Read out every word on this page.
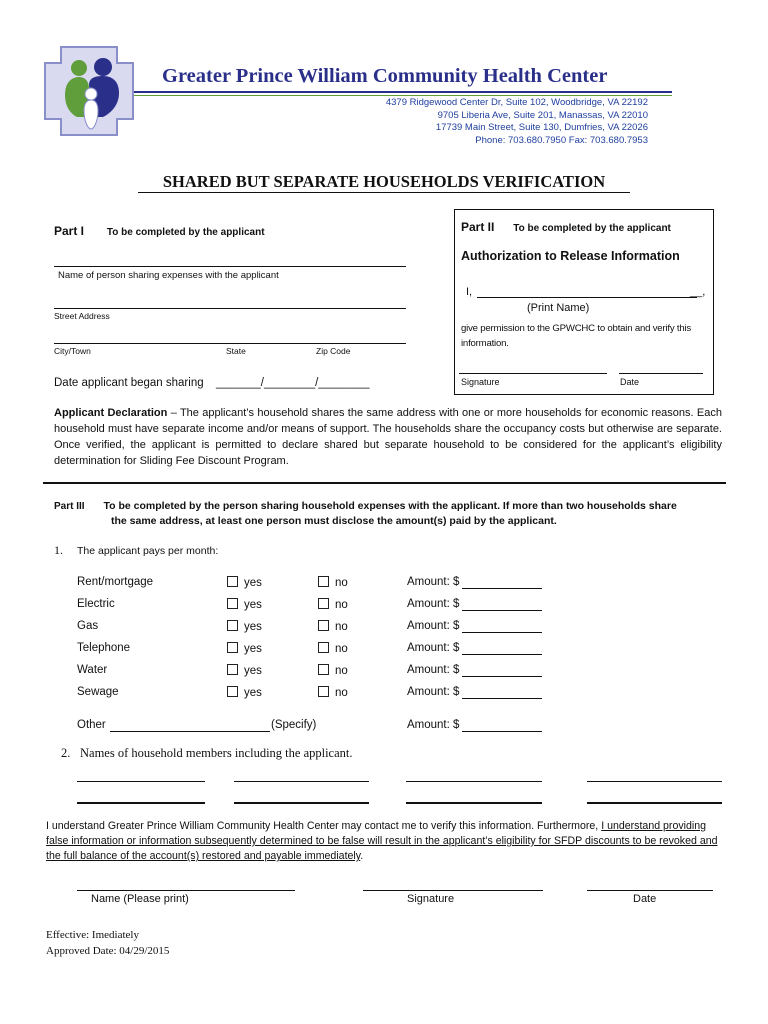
Greater Prince William Community Health Center
4379 Ridgewood Center Dr, Suite 102, Woodbridge, VA 22192
9705 Liberia Ave, Suite 201, Manassas, VA 22010
17739 Main Street, Suite 130, Dumfries, VA 22026
Phone: 703.680.7950 Fax: 703.680.7953
SHARED BUT SEPARATE HOUSEHOLDS VERIFICATION
Part I To be completed by the applicant
Name of person sharing expenses with the applicant
Street Address
City/Town	State	Zip Code
Date applicant began sharing _______/________/________
Applicant Declaration – The applicant’s household shares the same address with one or more households for economic reasons. Each household must have separate income and/or means of support. The households share the occupancy costs but otherwise are separate. Once verified, the applicant is permitted to declare shared but separate household to be considered for the applicant’s eligibility determination for Sliding Fee Discount Program.
Part II To be completed by the applicant
Authorization to Release Information
I,	__,
(Print Name)
give permission to the GPWCHC to obtain and verify this information.
Signature	Date
Part III To be completed by the person sharing household expenses with the applicant. If more than two households share
the same address, at least one person must disclose the amount(s) paid by the applicant.
1. The applicant pays per month:
Rent/mortgage	yes	no	Amount: $
Electric	yes	no	Amount: $
Gas	yes	no	Amount: $
Telephone	yes	no	Amount: $
Water	yes	no	Amount: $
Sewage	yes	no	Amount: $
Other	(Specify)	Amount: $
2. Names of household members including the applicant.
I understand Greater Prince William Community Health Center may contact me to verify this information. Furthermore, I understand providing false information or information subsequently determined to be false will result in the applicant’s eligibility for SFDP discounts to be revoked and the full balance of the account(s) restored and payable immediately.
Name (Please print)	Signature	Date
Effective: Imediately
Approved Date: 04/29/2015
